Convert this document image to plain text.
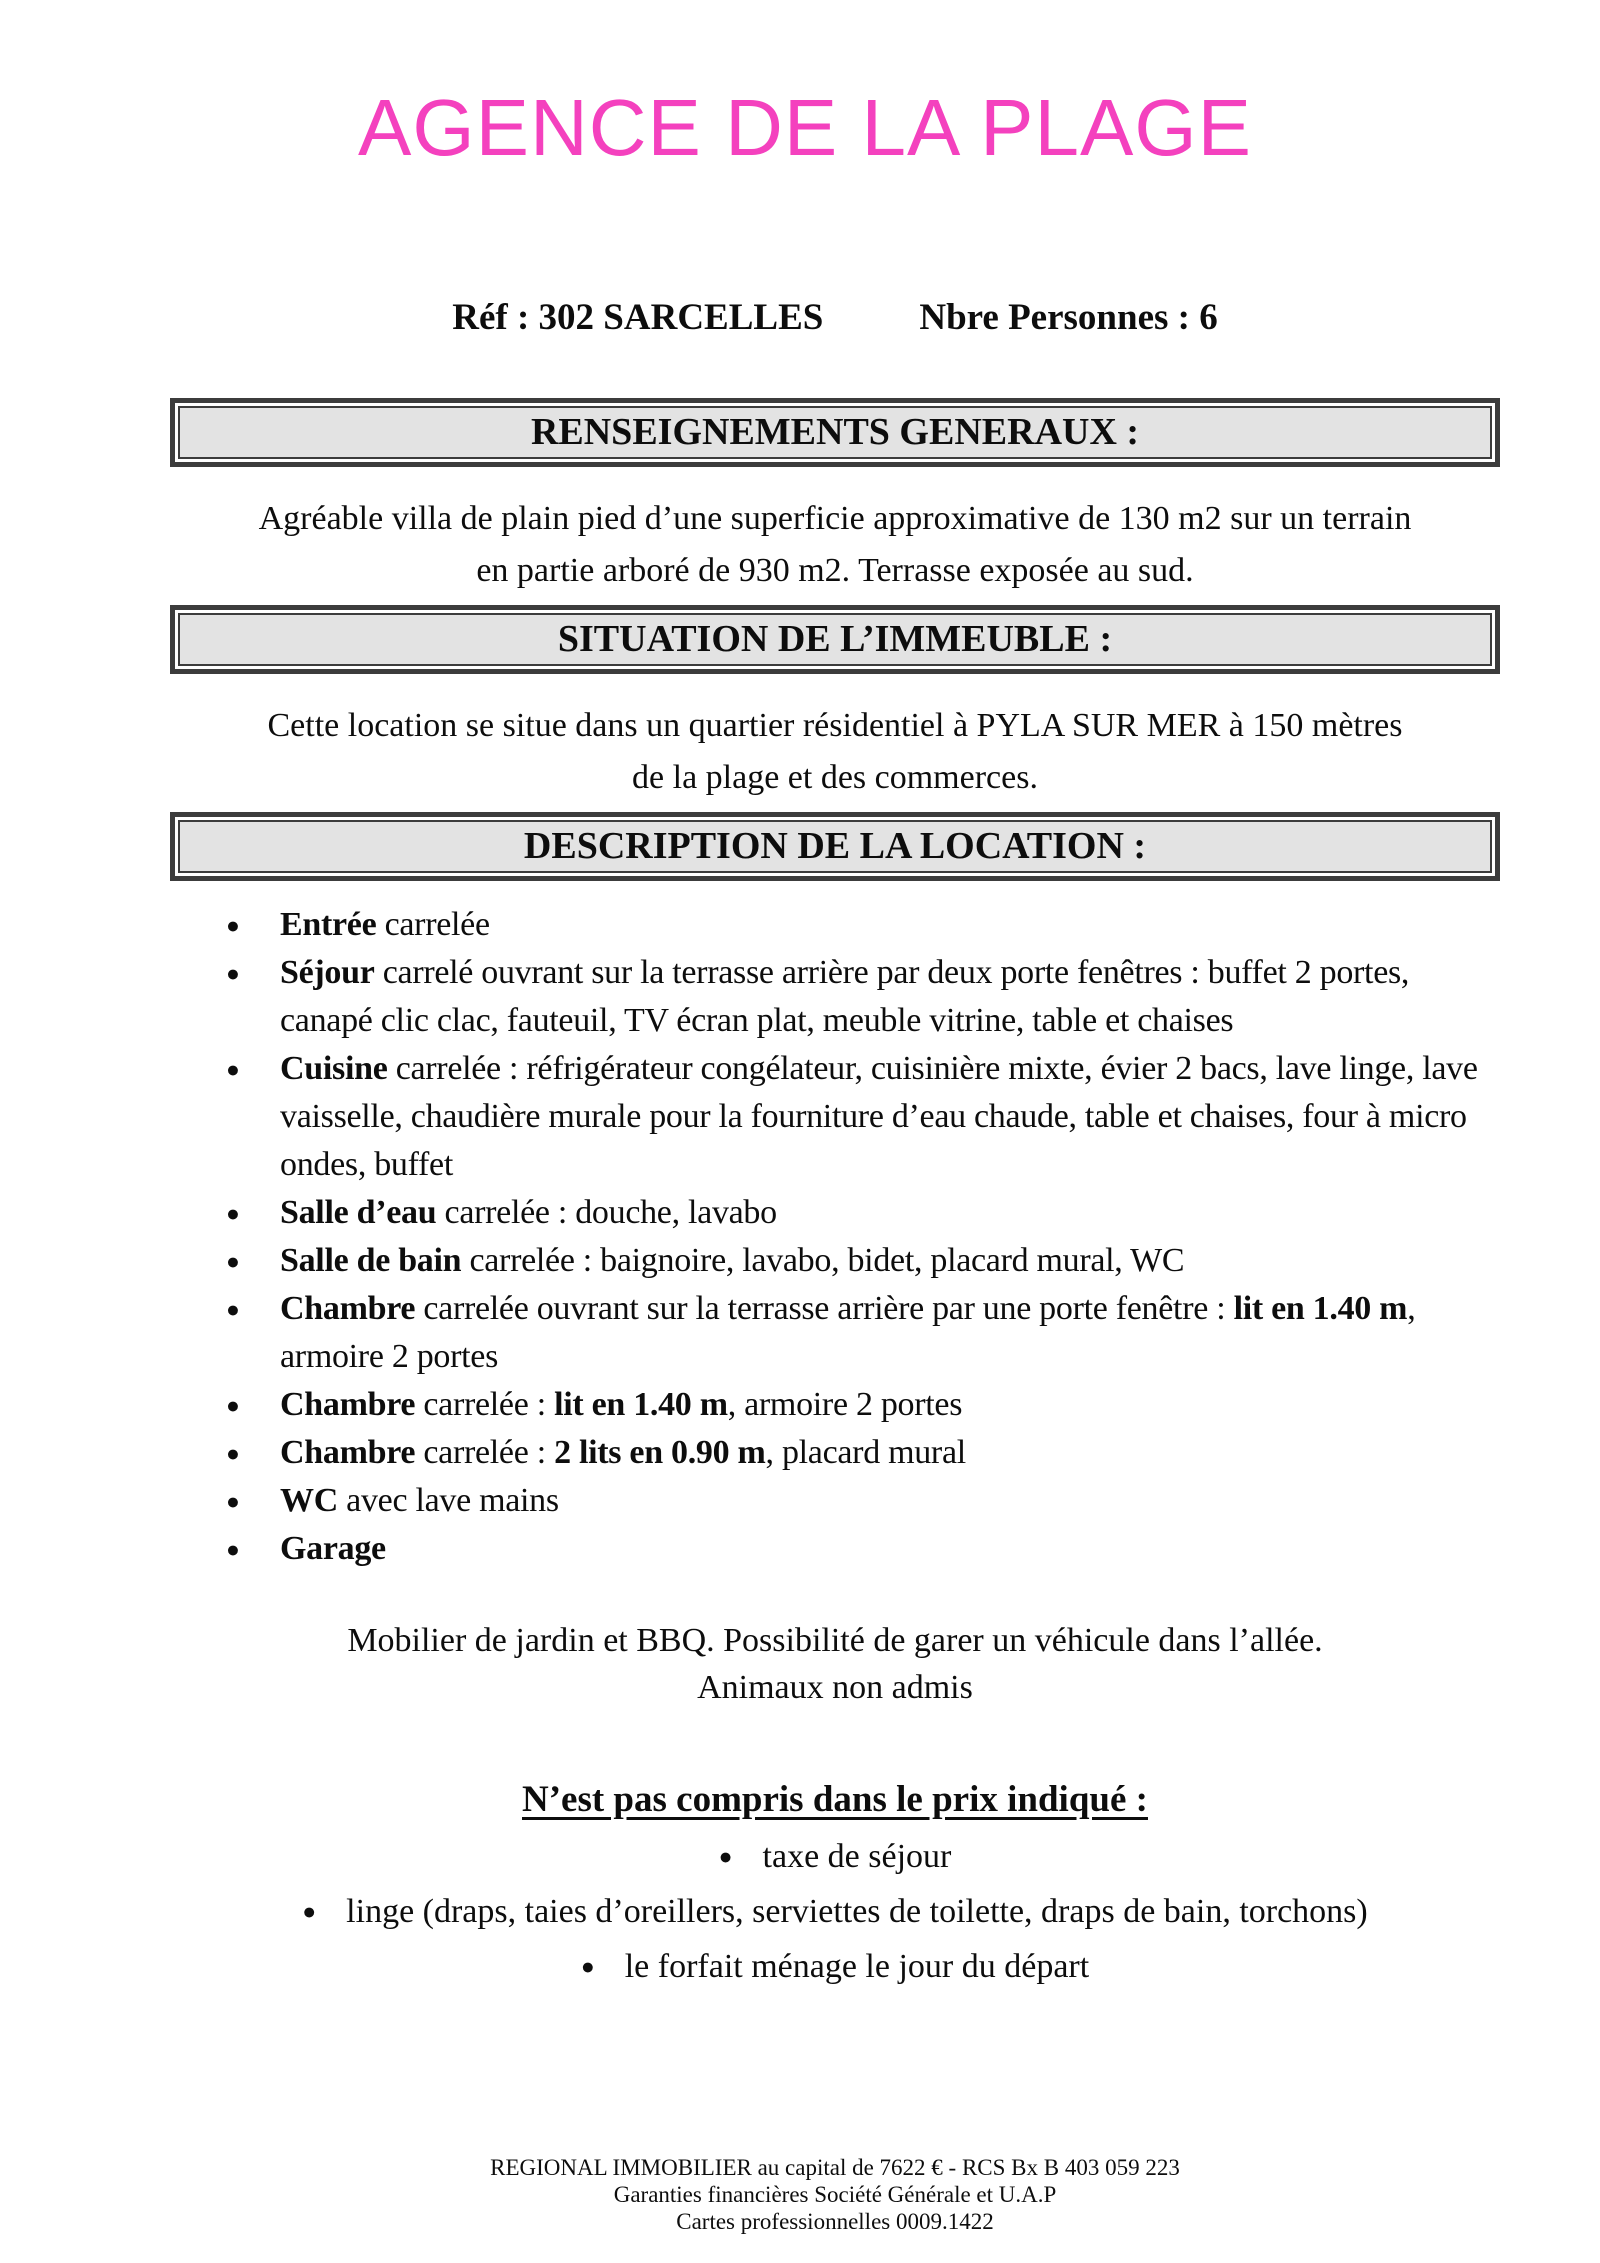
AGENCE DE LA PLAGE
Réf : 302 SARCELLES	Nbre Personnes : 6
RENSEIGNEMENTS GENERAUX :
Agréable villa de plain pied d’une superficie approximative de 130 m2 sur un terrain
en partie arboré de 930 m2. Terrasse exposée au sud.
SITUATION DE L’IMMEUBLE :
Cette location se situe dans un quartier résidentiel à PYLA SUR MER à 150 mètres
de la plage et des commerces.
DESCRIPTION DE LA LOCATION :
● Entrée carrelée
● Séjour carrelé ouvrant sur la terrasse arrière par deux porte fenêtres : buffet 2 portes, canapé clic clac, fauteuil, TV écran plat, meuble vitrine, table et chaises
● Cuisine carrelée : réfrigérateur congélateur, cuisinière mixte, évier 2 bacs, lave linge, lave vaisselle, chaudière murale pour la fourniture d’eau chaude, table et chaises, four à micro ondes, buffet
● Salle d’eau carrelée : douche, lavabo
● Salle de bain carrelée : baignoire, lavabo, bidet, placard mural, WC
● Chambre carrelée ouvrant sur la terrasse arrière par une porte fenêtre : lit en 1.40 m, armoire 2 portes
● Chambre carrelée : lit en 1.40 m, armoire 2 portes
● Chambre carrelée : 2 lits en 0.90 m, placard mural
● WC avec lave mains
● Garage
Mobilier de jardin et BBQ. Possibilité de garer un véhicule dans l’allée.
Animaux non admis
N’est pas compris dans le prix indiqué :
● taxe de séjour
● linge (draps, taies d’oreillers, serviettes de toilette, draps de bain, torchons)
● le forfait ménage le jour du départ
REGIONAL IMMOBILIER au capital de 7622 € - RCS Bx B 403 059 223
Garanties financières Société Générale et U.A.P
Cartes professionnelles 0009.1422
